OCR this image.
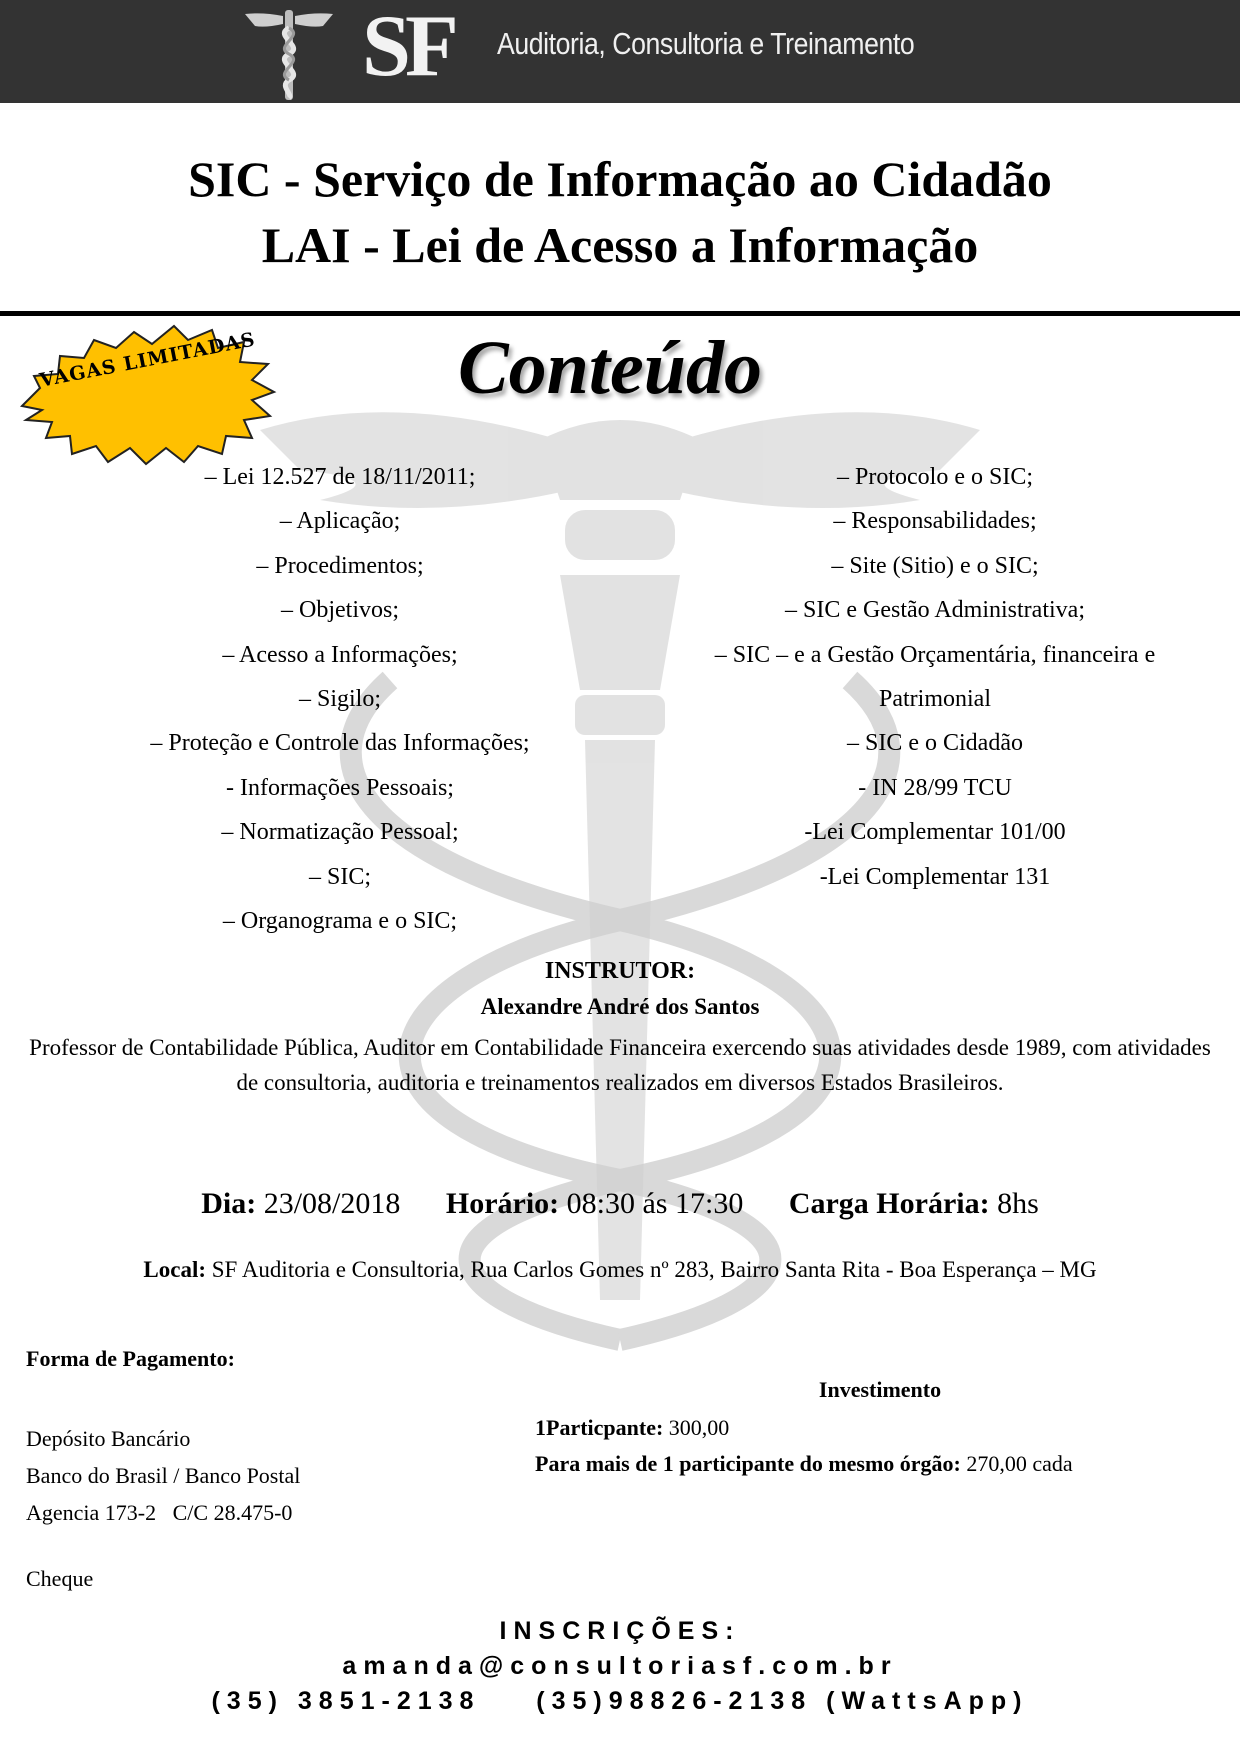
SF Auditoria, Consultoria e Treinamento
SIC - Serviço de Informação ao Cidadão
LAI - Lei de Acesso a Informação
VAGAS LIMITADAS	Conteúdo
– Lei 12.527 de 18/11/2011;
– Aplicação;
– Procedimentos;
– Objetivos;
– Acesso a Informações;
– Sigilo;
– Proteção e Controle das Informações;
- Informações Pessoais;
– Normatização Pessoal;
– SIC;
– Organograma e o SIC;
– Protocolo e o SIC;
– Responsabilidades;
– Site (Sitio) e o SIC;
– SIC e Gestão Administrativa;
– SIC – e a Gestão Orçamentária, financeira e
Patrimonial
– SIC e o Cidadão
- IN 28/99 TCU
-Lei Complementar 101/00
-Lei Complementar 131
INSTRUTOR:
Alexandre André dos Santos
Professor de Contabilidade Pública, Auditor em Contabilidade Financeira exercendo suas atividades desde 1989, com atividades de consultoria, auditoria e treinamentos realizados em diversos Estados Brasileiros.
Dia: 23/08/2018 Horário: 08:30 ás 17:30 Carga Horária: 8hs
Local: SF Auditoria e Consultoria, Rua Carlos Gomes nº 283, Bairro Santa Rita - Boa Esperança – MG
Forma de Pagamento:
Depósito Bancário
Banco do Brasil / Banco Postal
Agencia 173-2   C/C 28.475-0
Cheque
Investimento
1Particpante: 300,00
Para mais de 1 participante do mesmo órgão: 270,00 cada
INSCRIÇÕES:
amanda@consultoriasf.com.br
(35) 3851-2138 (35)98826-2138 (WattsApp)
